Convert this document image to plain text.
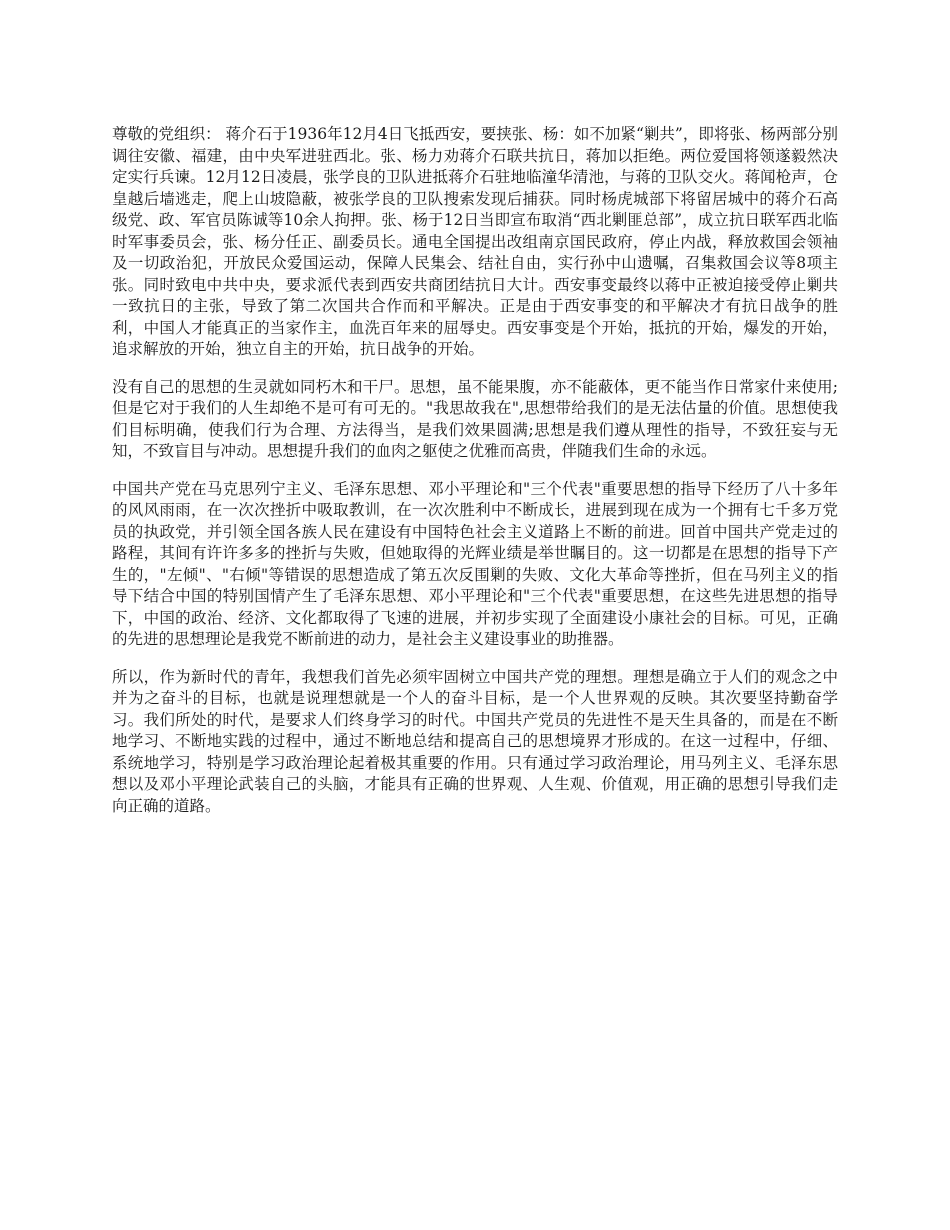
尊敬的党组织： 蒋介石于1936年12月4日飞抵西安，要挟张、杨：如不加紧“剿共”，即将张、杨两部分别调往安徽、福建，由中央军进驻西北。张、杨力劝蒋介石联共抗日，蒋加以拒绝。两位爱国将领遂毅然决定实行兵谏。12月12日凌晨，张学良的卫队进抵蒋介石驻地临潼华清池，与蒋的卫队交火。蒋闻枪声，仓皇越后墙逃走，爬上山坡隐蔽，被张学良的卫队搜索发现后捕获。同时杨虎城部下将留居城中的蒋介石高级党、政、军官员陈诚等10余人拘押。张、杨于12日当即宣布取消“西北剿匪总部”，成立抗日联军西北临时军事委员会，张、杨分任正、副委员长。通电全国提出改组南京国民政府，停止内战，释放救国会领袖及一切政治犯，开放民众爱国运动，保障人民集会、结社自由，实行孙中山遗嘱，召集救国会议等8项主张。同时致电中共中央，要求派代表到西安共商团结抗日大计。西安事变最终以蒋中正被迫接受停止剿共一致抗日的主张，导致了第二次国共合作而和平解决。正是由于西安事变的和平解决才有抗日战争的胜利，中国人才能真正的当家作主，血洗百年来的屈辱史。西安事变是个开始，抵抗的开始，爆发的开始，追求解放的开始，独立自主的开始，抗日战争的开始。

没有自己的思想的生灵就如同朽木和干尸。思想，虽不能果腹，亦不能蔽体，更不能当作日常家什来使用;但是它对于我们的人生却绝不是可有可无的。"我思故我在",思想带给我们的是无法估量的价值。思想使我们目标明确，使我们行为合理、方法得当，是我们效果圆满;思想是我们遵从理性的指导，不致狂妄与无知，不致盲目与冲动。思想提升我们的血肉之躯使之优雅而高贵，伴随我们生命的永远。

中国共产党在马克思列宁主义、毛泽东思想、邓小平理论和"三个代表"重要思想的指导下经历了八十多年的风风雨雨，在一次次挫折中吸取教训，在一次次胜利中不断成长，进展到现在成为一个拥有七千多万党员的执政党，并引领全国各族人民在建设有中国特色社会主义道路上不断的前进。回首中国共产党走过的路程，其间有许许多多的挫折与失败，但她取得的光辉业绩是举世瞩目的。这一切都是在思想的指导下产生的，"左倾"、"右倾"等错误的思想造成了第五次反围剿的失败、文化大革命等挫折，但在马列主义的指导下结合中国的特别国情产生了毛泽东思想、邓小平理论和"三个代表"重要思想，在这些先进思想的指导下，中国的政治、经济、文化都取得了飞速的进展，并初步实现了全面建设小康社会的目标。可见，正确的先进的思想理论是我党不断前进的动力，是社会主义建设事业的助推器。

所以，作为新时代的青年，我想我们首先必须牢固树立中国共产党的理想。理想是确立于人们的观念之中并为之奋斗的目标，也就是说理想就是一个人的奋斗目标，是一个人世界观的反映。其次要坚持勤奋学习。我们所处的时代，是要求人们终身学习的时代。中国共产党员的先进性不是天生具备的，而是在不断地学习、不断地实践的过程中，通过不断地总结和提高自己的思想境界才形成的。在这一过程中，仔细、系统地学习，特别是学习政治理论起着极其重要的作用。只有通过学习政治理论，用马列主义、毛泽东思想以及邓小平理论武装自己的头脑，才能具有正确的世界观、人生观、价值观，用正确的思想引导我们走向正确的道路。
